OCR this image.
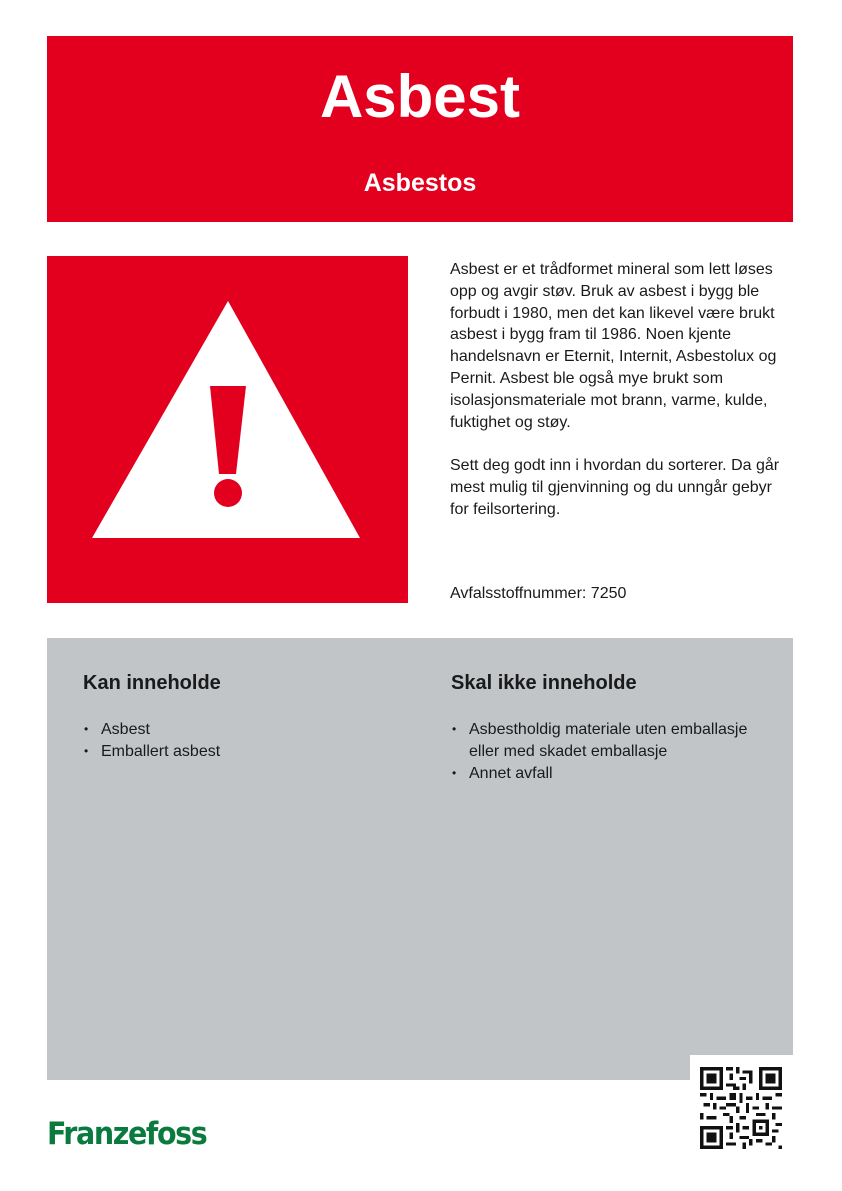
Asbest
Asbestos

Asbest er et trådformet mineral som lett løses opp og avgir støv. Bruk av asbest i bygg ble forbudt i 1980, men det kan likevel være brukt asbest i bygg fram til 1986. Noen kjente handelsnavn er Eternit, Internit, Asbestolux og Pernit. Asbest ble også mye brukt som isolasjonsmateriale mot brann, varme, kulde, fuktighet og støy.

Sett deg godt inn i hvordan du sorterer. Da går mest mulig til gjenvinning og du unngår gebyr for feilsortering.

Avfalsstoffnummer: 7250
Kan inneholde
• Asbest
• Emballert asbest
Skal ikke inneholde
• Asbestholdig materiale uten emballasje eller med skadet emballasje
• Annet avfall
Franzefoss
